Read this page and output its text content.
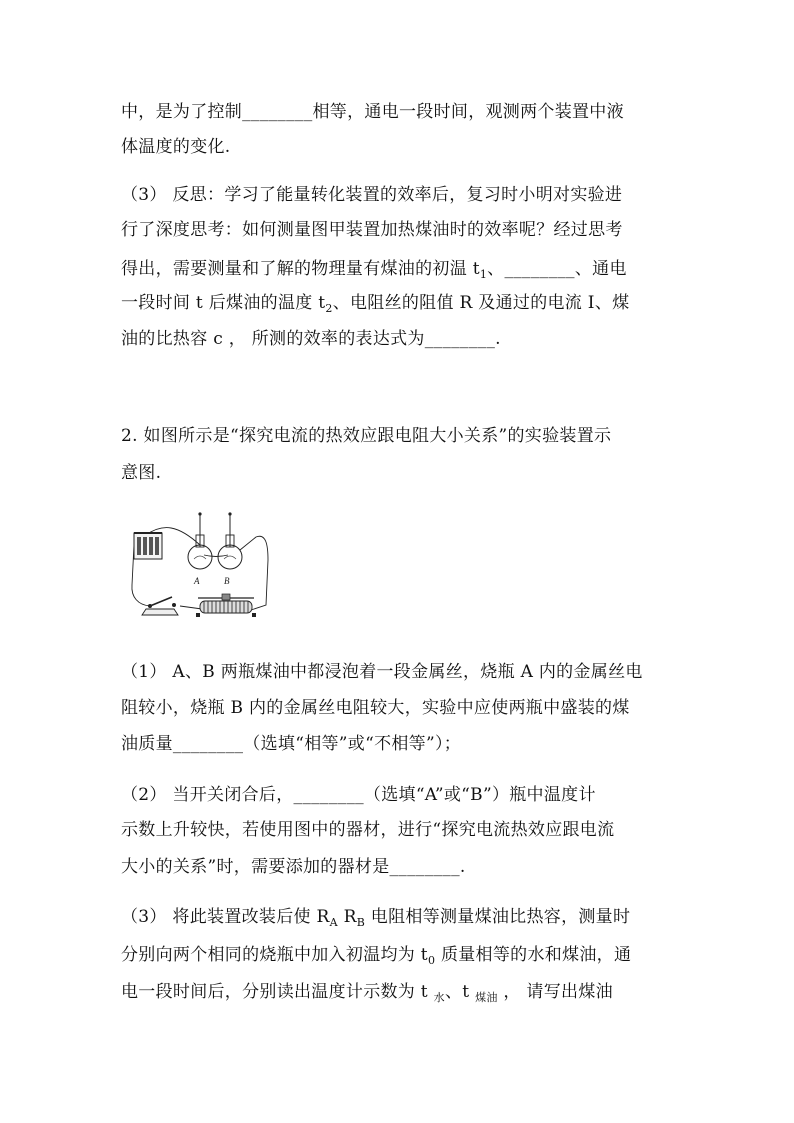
中，是为了控制________相等，通电一段时间，观测两个装置中液
体温度的变化.
（3） 反思：学习了能量转化装置的效率后，复习时小明对实验进
行了深度思考：如何测量图甲装置加热煤油时的效率呢？经过思考
得出，需要测量和了解的物理量有煤油的初温 $t_1$、________、通电
一段时间 t 后煤油的温度 $t_2$、电阻丝的阻值 R 及通过的电流 I、煤
油的比热容 c ， 所测的效率的表达式为________.
2. 如图所示是“探究电流的热效应跟电阻大小关系”的实验装置示
意图.
A	B
（1） A、B 两瓶煤油中都浸泡着一段金属丝，烧瓶 A 内的金属丝电
阻较小，烧瓶 B 内的金属丝电阻较大，实验中应使两瓶中盛装的煤
油质量________（选填“相等”或“不相等”）；
（2） 当开关闭合后，________（选填“A”或“B”）瓶中温度计
示数上升较快，若使用图中的器材，进行“探究电流热效应跟电流
大小的关系”时，需要添加的器材是________.
（3） 将此装置改装后使 $R_A$ $R_B$ 电阻相等测量煤油比热容，测量时
分别向两个相同的烧瓶中加入初温均为 $t_0$ 质量相等的水和煤油，通
电一段时间后，分别读出温度计示数为 t $_水$、t $_{煤油}$ ， 请写出煤油
